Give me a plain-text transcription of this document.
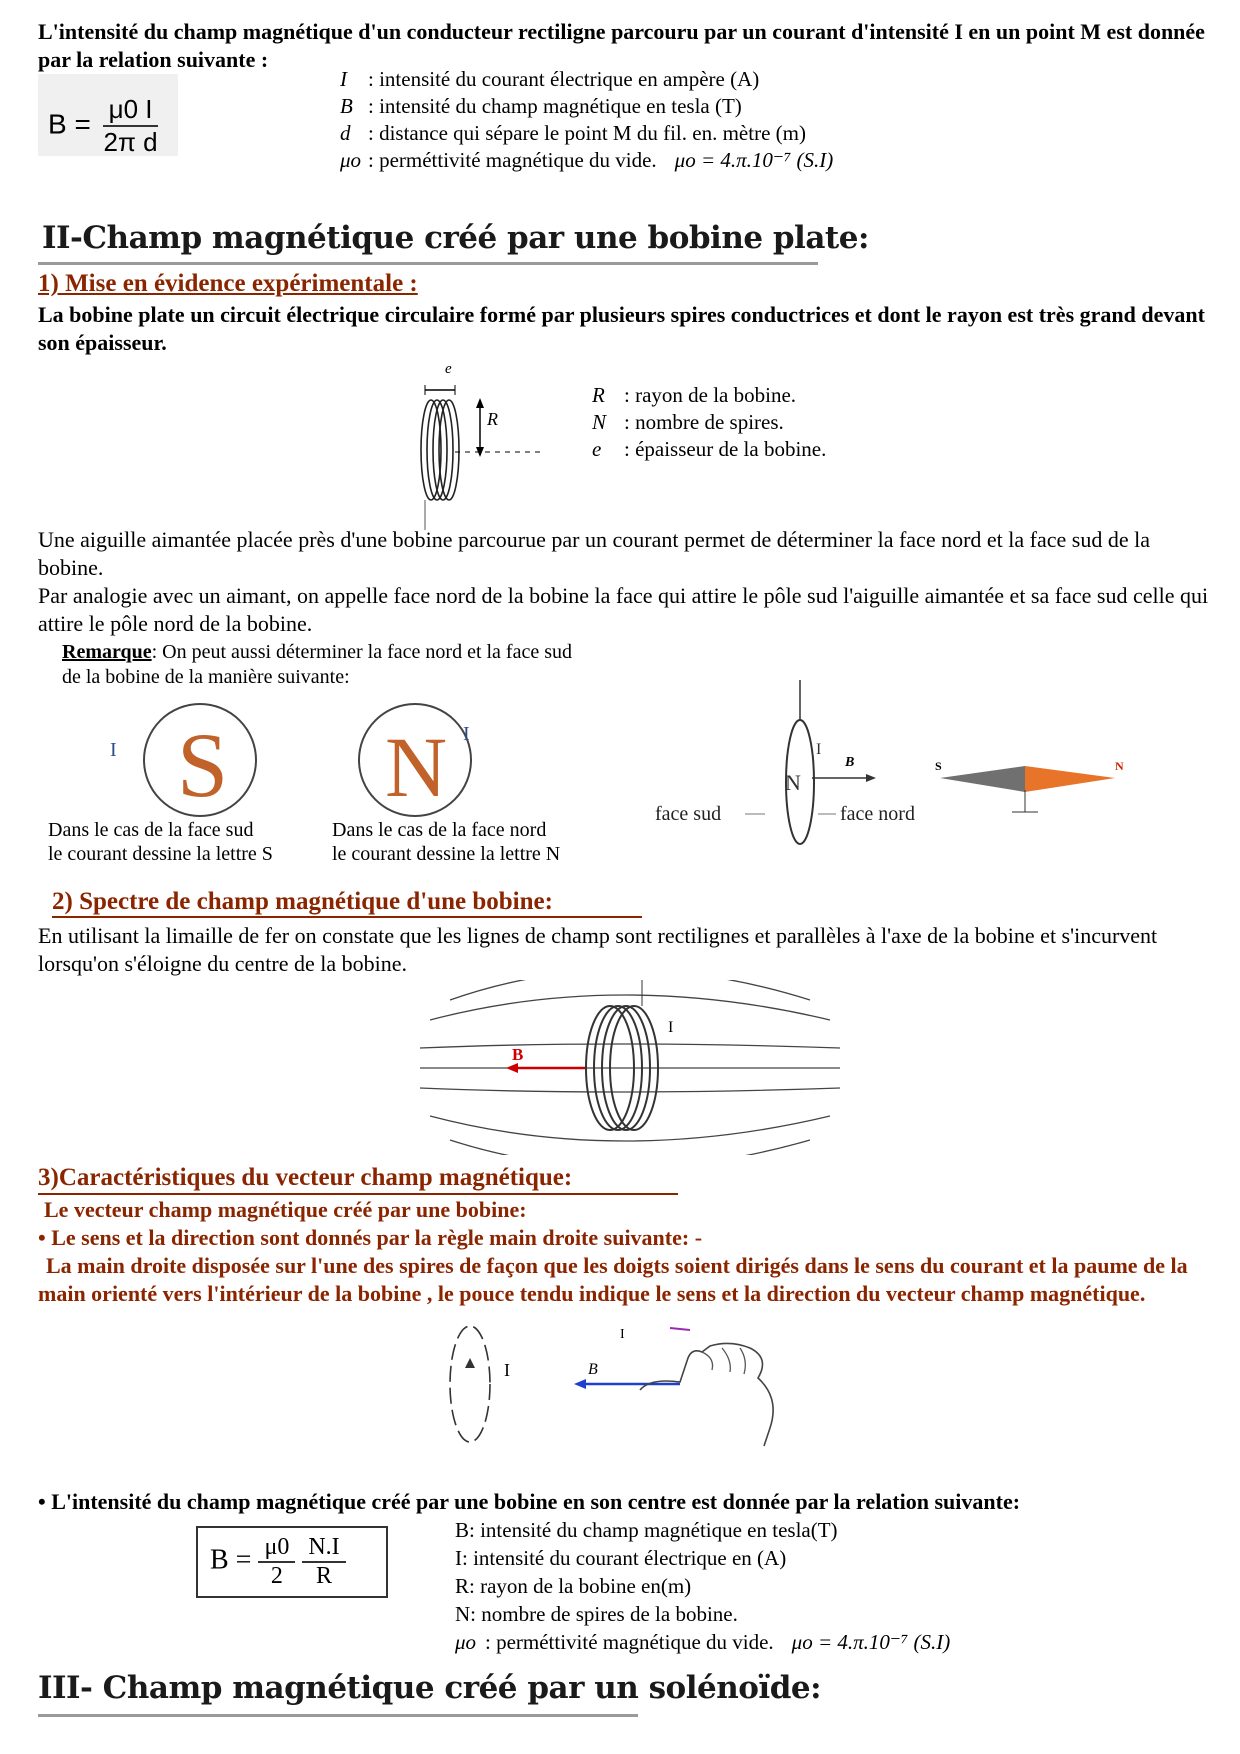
L'intensité du champ magnétique d'un conducteur rectiligne parcouru par un courant d'intensité I en un point M est donnée par la relation suivante :
$B = \frac{\mu 0 I}{\text{2π d}}$
I : intensité du courant électrique en ampère (A)
B : intensité du champ magnétique en tesla (T)
d : distance qui sépare le point M du fil. en. mètre (m)
μo : perméttivité magnétique du vide. μo = 4.π.10⁻⁷ (S.I)
II-Champ magnétique créé par une bobine plate:
1) Mise en évidence expérimentale :
La bobine plate un circuit électrique circulaire formé par plusieurs spires conductrices et dont le rayon est très grand devant son épaisseur.
e
R
R : rayon de la bobine.
N : nombre de spires.
e : épaisseur de la bobine.
Une aiguille aimantée placée près d'une bobine parcourue par un courant permet de déterminer la face nord et la face sud de la bobine.
Par analogie avec un aimant, on appelle face nord de la bobine la face qui attire le pôle sud l'aiguille aimantée et sa face sud celle qui attire le pôle nord de la bobine.
Remarque: On peut aussi déterminer la face nord et la face sud de la bobine de la manière suivante:
S
I	N I
Dans le cas de la face sud
le courant dessine la lettre S
Dans le cas de la face nord
le courant dessine la lettre N
N
I
B
face sud	face nord
S	N
2) Spectre de champ magnétique d'une bobine:
En utilisant la limaille de fer on constate que les lignes de champ sont rectilignes et parallèles à l'axe de la bobine et s'incurvent lorsqu'on s'éloigne du centre de la bobine.
B
I
3)Caractéristiques du vecteur champ magnétique:
Le vecteur champ magnétique créé par une bobine:
• Le sens et la direction sont donnés par la règle main droite suivante: -
La main droite disposée sur l'une des spires de façon que les doigts soient dirigés dans le sens du courant et la paume de la main orienté vers l'intérieur de la bobine , le pouce tendu indique le sens et la direction du vecteur champ magnétique.
I
I
B
• L'intensité du champ magnétique créé par une bobine en son centre est donnée par la relation suivante:
$B = \frac{\mu 0}{2}$
$\frac{N.I}{R}$
B: intensité du champ magnétique en tesla(T)
I: intensité du courant électrique en (A)
R: rayon de la bobine en(m)
N: nombre de spires de la bobine.
μo : perméttivité magnétique du vide. μo = 4.π.10⁻⁷ (S.I)
III- Champ magnétique créé par un solénoïde:
